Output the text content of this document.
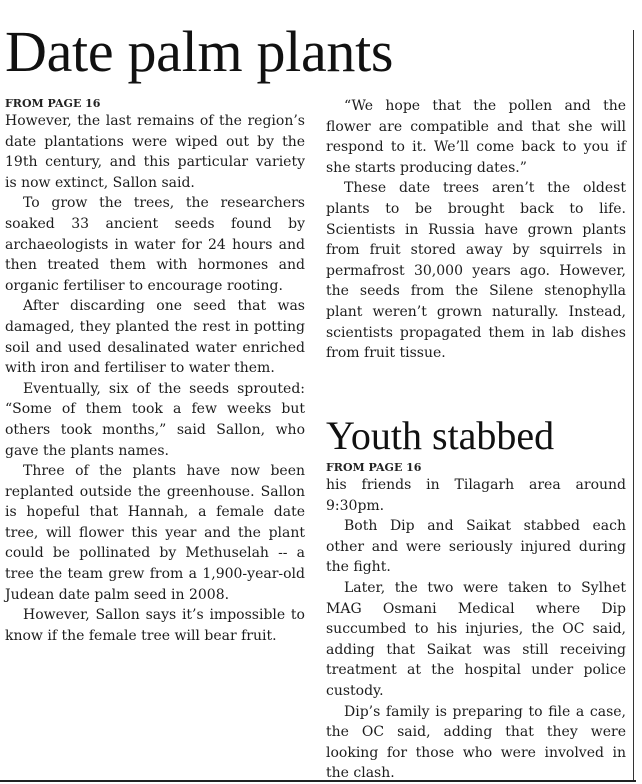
Date palm plants
FROM PAGE 16

However, the last remains of the region’s date plantations were wiped out by the 19th century, and this particular variety is now extinct, Sallon said.

To grow the trees, the researchers soaked 33 ancient seeds found by archaeologists in water for 24 hours and then treated them with hormones and organic fertiliser to encourage rooting.

After discarding one seed that was damaged, they planted the rest in potting soil and used desalinated water enriched with iron and fertiliser to water them.

Eventually, six of the seeds sprouted: “Some of them took a few weeks but others took months,” said Sallon, who gave the plants names.

Three of the plants have now been replanted outside the greenhouse. Sallon is hopeful that Hannah, a female date tree, will flower this year and the plant could be pollinated by Methuselah -- a tree the team grew from a 1,900-year-old Judean date palm seed in 2008.

However, Sallon says it’s impossible to know if the female tree will bear fruit.

“We hope that the pollen and the flower are compatible and that she will respond to it. We’ll come back to you if she starts producing dates.”

These date trees aren’t the oldest plants to be brought back to life. Scientists in Russia have grown plants from fruit stored away by squirrels in permafrost 30,000 years ago. However, the seeds from the Silene stenophylla plant weren’t grown naturally. Instead, scientists propagated them in lab dishes from fruit tissue.

Youth stabbed
FROM PAGE 16

his friends in Tilagarh area around 9:30pm.

Both Dip and Saikat stabbed each other and were seriously injured during the fight.

Later, the two were taken to Sylhet MAG Osmani Medical where Dip succumbed to his injuries, the OC said, adding that Saikat was still receiving treatment at the hospital under police custody.

Dip’s family is preparing to file a case, the OC said, adding that they were looking for those who were involved in the clash.
